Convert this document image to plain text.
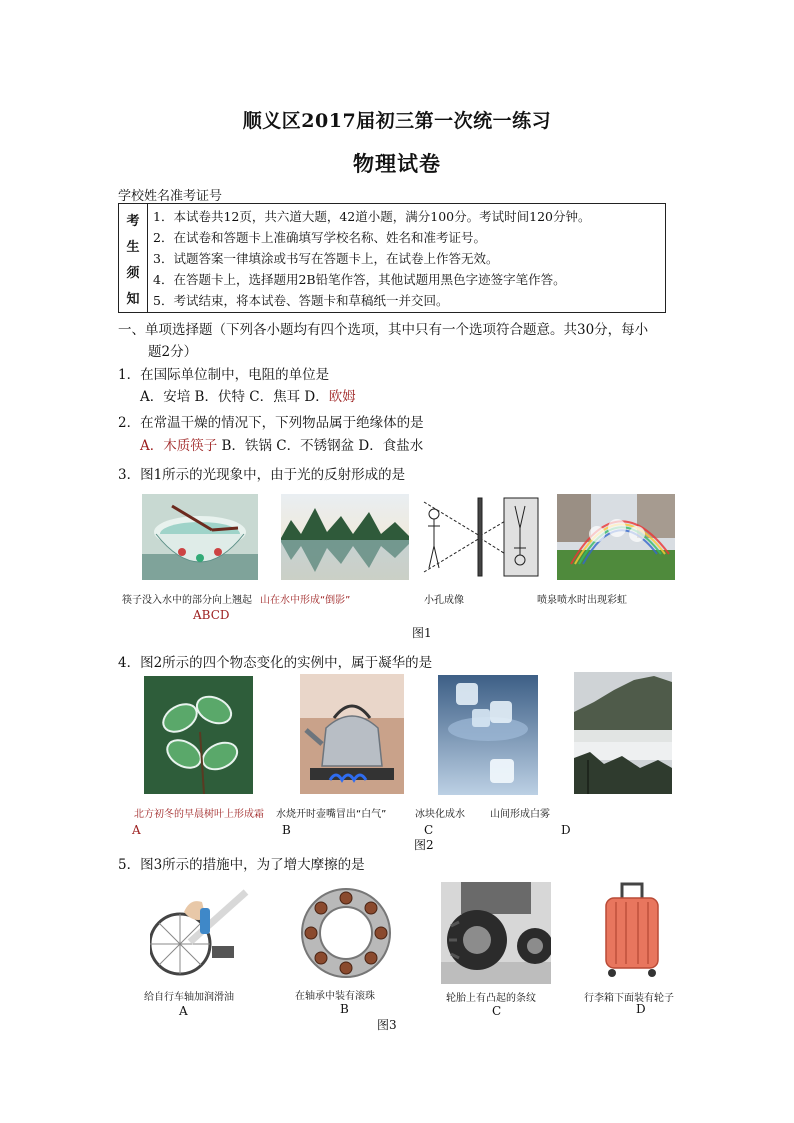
顺义区2017届初三第一次统一练习
物理试卷
学校姓名准考证号
考
生
须
知
1．本试卷共12页，共六道大题，42道小题，满分100分。考试时间120分钟。
2．在试卷和答题卡上准确填写学校名称、姓名和准考证号。
3．试题答案一律填涂或书写在答题卡上，在试卷上作答无效。
4．在答题卡上，选择题用2B铅笔作答，其他试题用黑色字迹签字笔作答。
5．考试结束，将本试卷、答题卡和草稿纸一并交回。
一、单项选择题（下列各小题均有四个选项，其中只有一个选项符合题意。共30分，每小
题2分）
1．在国际单位制中，电阻的单位是
A．安培 B．伏特 C．焦耳 D．欧姆
2．在常温干燥的情况下，下列物品属于绝缘体的是
A．木质筷子 B．铁锅 C．不锈钢盆 D．食盐水
3．图1所示的光现象中，由于光的反射形成的是
筷子没入水中的部分向上翘起 山在水中形成“倒影”	小孔成像	喷泉喷水时出现彩虹
ABCD
图1
4．图2所示的四个物态变化的实例中，属于凝华的是
北方初冬的早晨树叶上形成霜 水烧开时壶嘴冒出“白气”	冰块化成水	山间形成白雾
A	B	C	D
图2
5．图3所示的措施中，为了增大摩擦的是
给自行车轴加润滑油	在轴承中装有滚珠	轮胎上有凸起的条纹	行李箱下面装有轮子
A	B	C	D
图3
